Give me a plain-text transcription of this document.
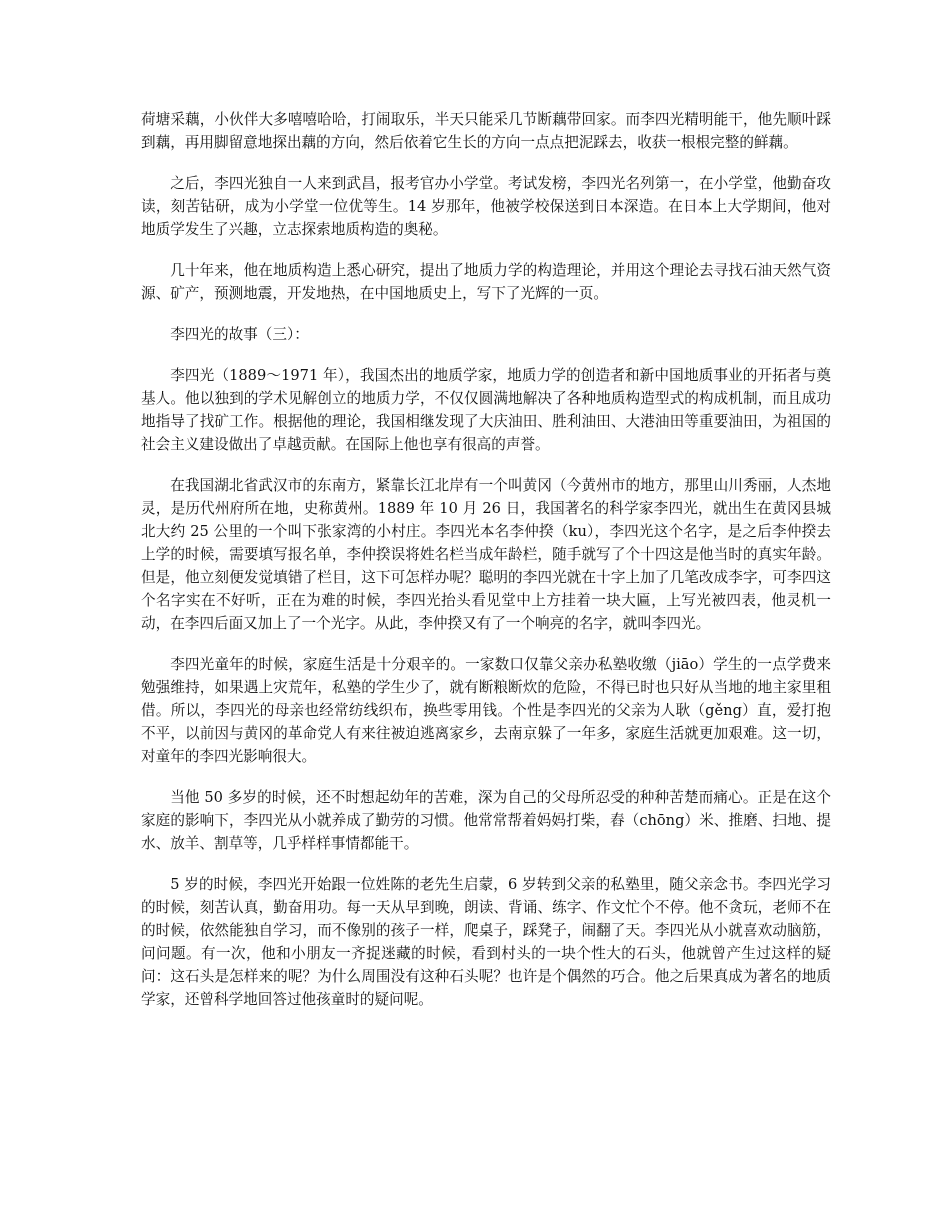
荷塘采藕，小伙伴大多嘻嘻哈哈，打闹取乐，半天只能采几节断藕带回家。而李四光精明能干，他先顺叶踩到藕，再用脚留意地探出藕的方向，然后依着它生长的方向一点点把泥踩去，收获一根根完整的鲜藕。

之后，李四光独自一人来到武昌，报考官办小学堂。考试发榜，李四光名列第一，在小学堂，他勤奋攻读，刻苦钻研，成为小学堂一位优等生。14 岁那年，他被学校保送到日本深造。在日本上大学期间，他对地质学发生了兴趣，立志探索地质构造的奥秘。

几十年来，他在地质构造上悉心研究，提出了地质力学的构造理论，并用这个理论去寻找石油天然气资源、矿产，预测地震，开发地热，在中国地质史上，写下了光辉的一页。

李四光的故事（三）：

李四光（1889～1971 年），我国杰出的地质学家，地质力学的创造者和新中国地质事业的开拓者与奠基人。他以独到的学术见解创立的地质力学，不仅仅圆满地解决了各种地质构造型式的构成机制，而且成功地指导了找矿工作。根据他的理论，我国相继发现了大庆油田、胜利油田、大港油田等重要油田，为祖国的社会主义建设做出了卓越贡献。在国际上他也享有很高的声誉。

在我国湖北省武汉市的东南方，紧靠长江北岸有一个叫黄冈（今黄州市的地方，那里山川秀丽，人杰地灵，是历代州府所在地，史称黄州。1889 年 10 月 26 日，我国著名的科学家李四光，就出生在黄冈县城北大约 25 公里的一个叫下张家湾的小村庄。李四光本名李仲揆（ku），李四光这个名字，是之后李仲揆去上学的时候，需要填写报名单，李仲揆误将姓名栏当成年龄栏，随手就写了个十四这是他当时的真实年龄。但是，他立刻便发觉填错了栏目，这下可怎样办呢？聪明的李四光就在十字上加了几笔改成李字，可李四这个名字实在不好听，正在为难的时候，李四光抬头看见堂中上方挂着一块大匾，上写光被四表，他灵机一动，在李四后面又加上了一个光字。从此，李仲揆又有了一个响亮的名字，就叫李四光。

李四光童年的时候，家庭生活是十分艰辛的。一家数口仅靠父亲办私塾收缴（jiāo）学生的一点学费来勉强维持，如果遇上灾荒年，私塾的学生少了，就有断粮断炊的危险，不得已时也只好从当地的地主家里租借。所以，李四光的母亲也经常纺线织布，换些零用钱。个性是李四光的父亲为人耿（gěng）直，爱打抱不平，以前因与黄冈的革命党人有来往被迫逃离家乡，去南京躲了一年多，家庭生活就更加艰难。这一切，对童年的李四光影响很大。

当他 50 多岁的时候，还不时想起幼年的苦难，深为自己的父母所忍受的种种苦楚而痛心。正是在这个家庭的影响下，李四光从小就养成了勤劳的习惯。他常常帮着妈妈打柴，舂（chōng）米、推磨、扫地、提水、放羊、割草等，几乎样样事情都能干。

5 岁的时候，李四光开始跟一位姓陈的老先生启蒙，6 岁转到父亲的私塾里，随父亲念书。李四光学习的时候，刻苦认真，勤奋用功。每一天从早到晚，朗读、背诵、练字、作文忙个不停。他不贪玩，老师不在的时候，依然能独自学习，而不像别的孩子一样，爬桌子，踩凳子，闹翻了天。李四光从小就喜欢动脑筋，问问题。有一次，他和小朋友一齐捉迷藏的时候，看到村头的一块个性大的石头，他就曾产生过这样的疑问：这石头是怎样来的呢？为什么周围没有这种石头呢？也许是个偶然的巧合。他之后果真成为著名的地质学家，还曾科学地回答过他孩童时的疑问呢。
